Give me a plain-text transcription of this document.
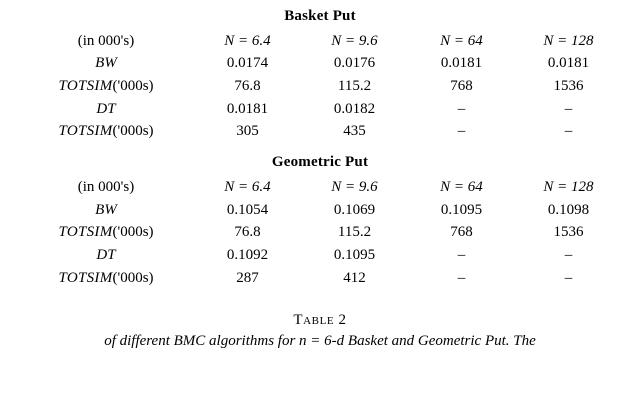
Basket Put				

(in 000's)	N = 6.4	N = 9.6	N = 64	N = 128

BW	0.0174	0.0176	0.0181	0.0181
TOTSIM('000s)	76.8	115.2	768	1536
DT	0.0181	0.0182	–	–
TOTSIM('000s)	305	435	–	–

Geometric Put				

(in 000's)	N = 6.4	N = 9.6	N = 64	N = 128

BW	0.1054	0.1069	0.1095	0.1098
TOTSIM('000s)	76.8	115.2	768	1536
DT	0.1092	0.1095	–	–
TOTSIM('000s)	287	412	–	–

Table 2
of different BMC algorithms for n = 6-d Basket and Geometric Put. The
